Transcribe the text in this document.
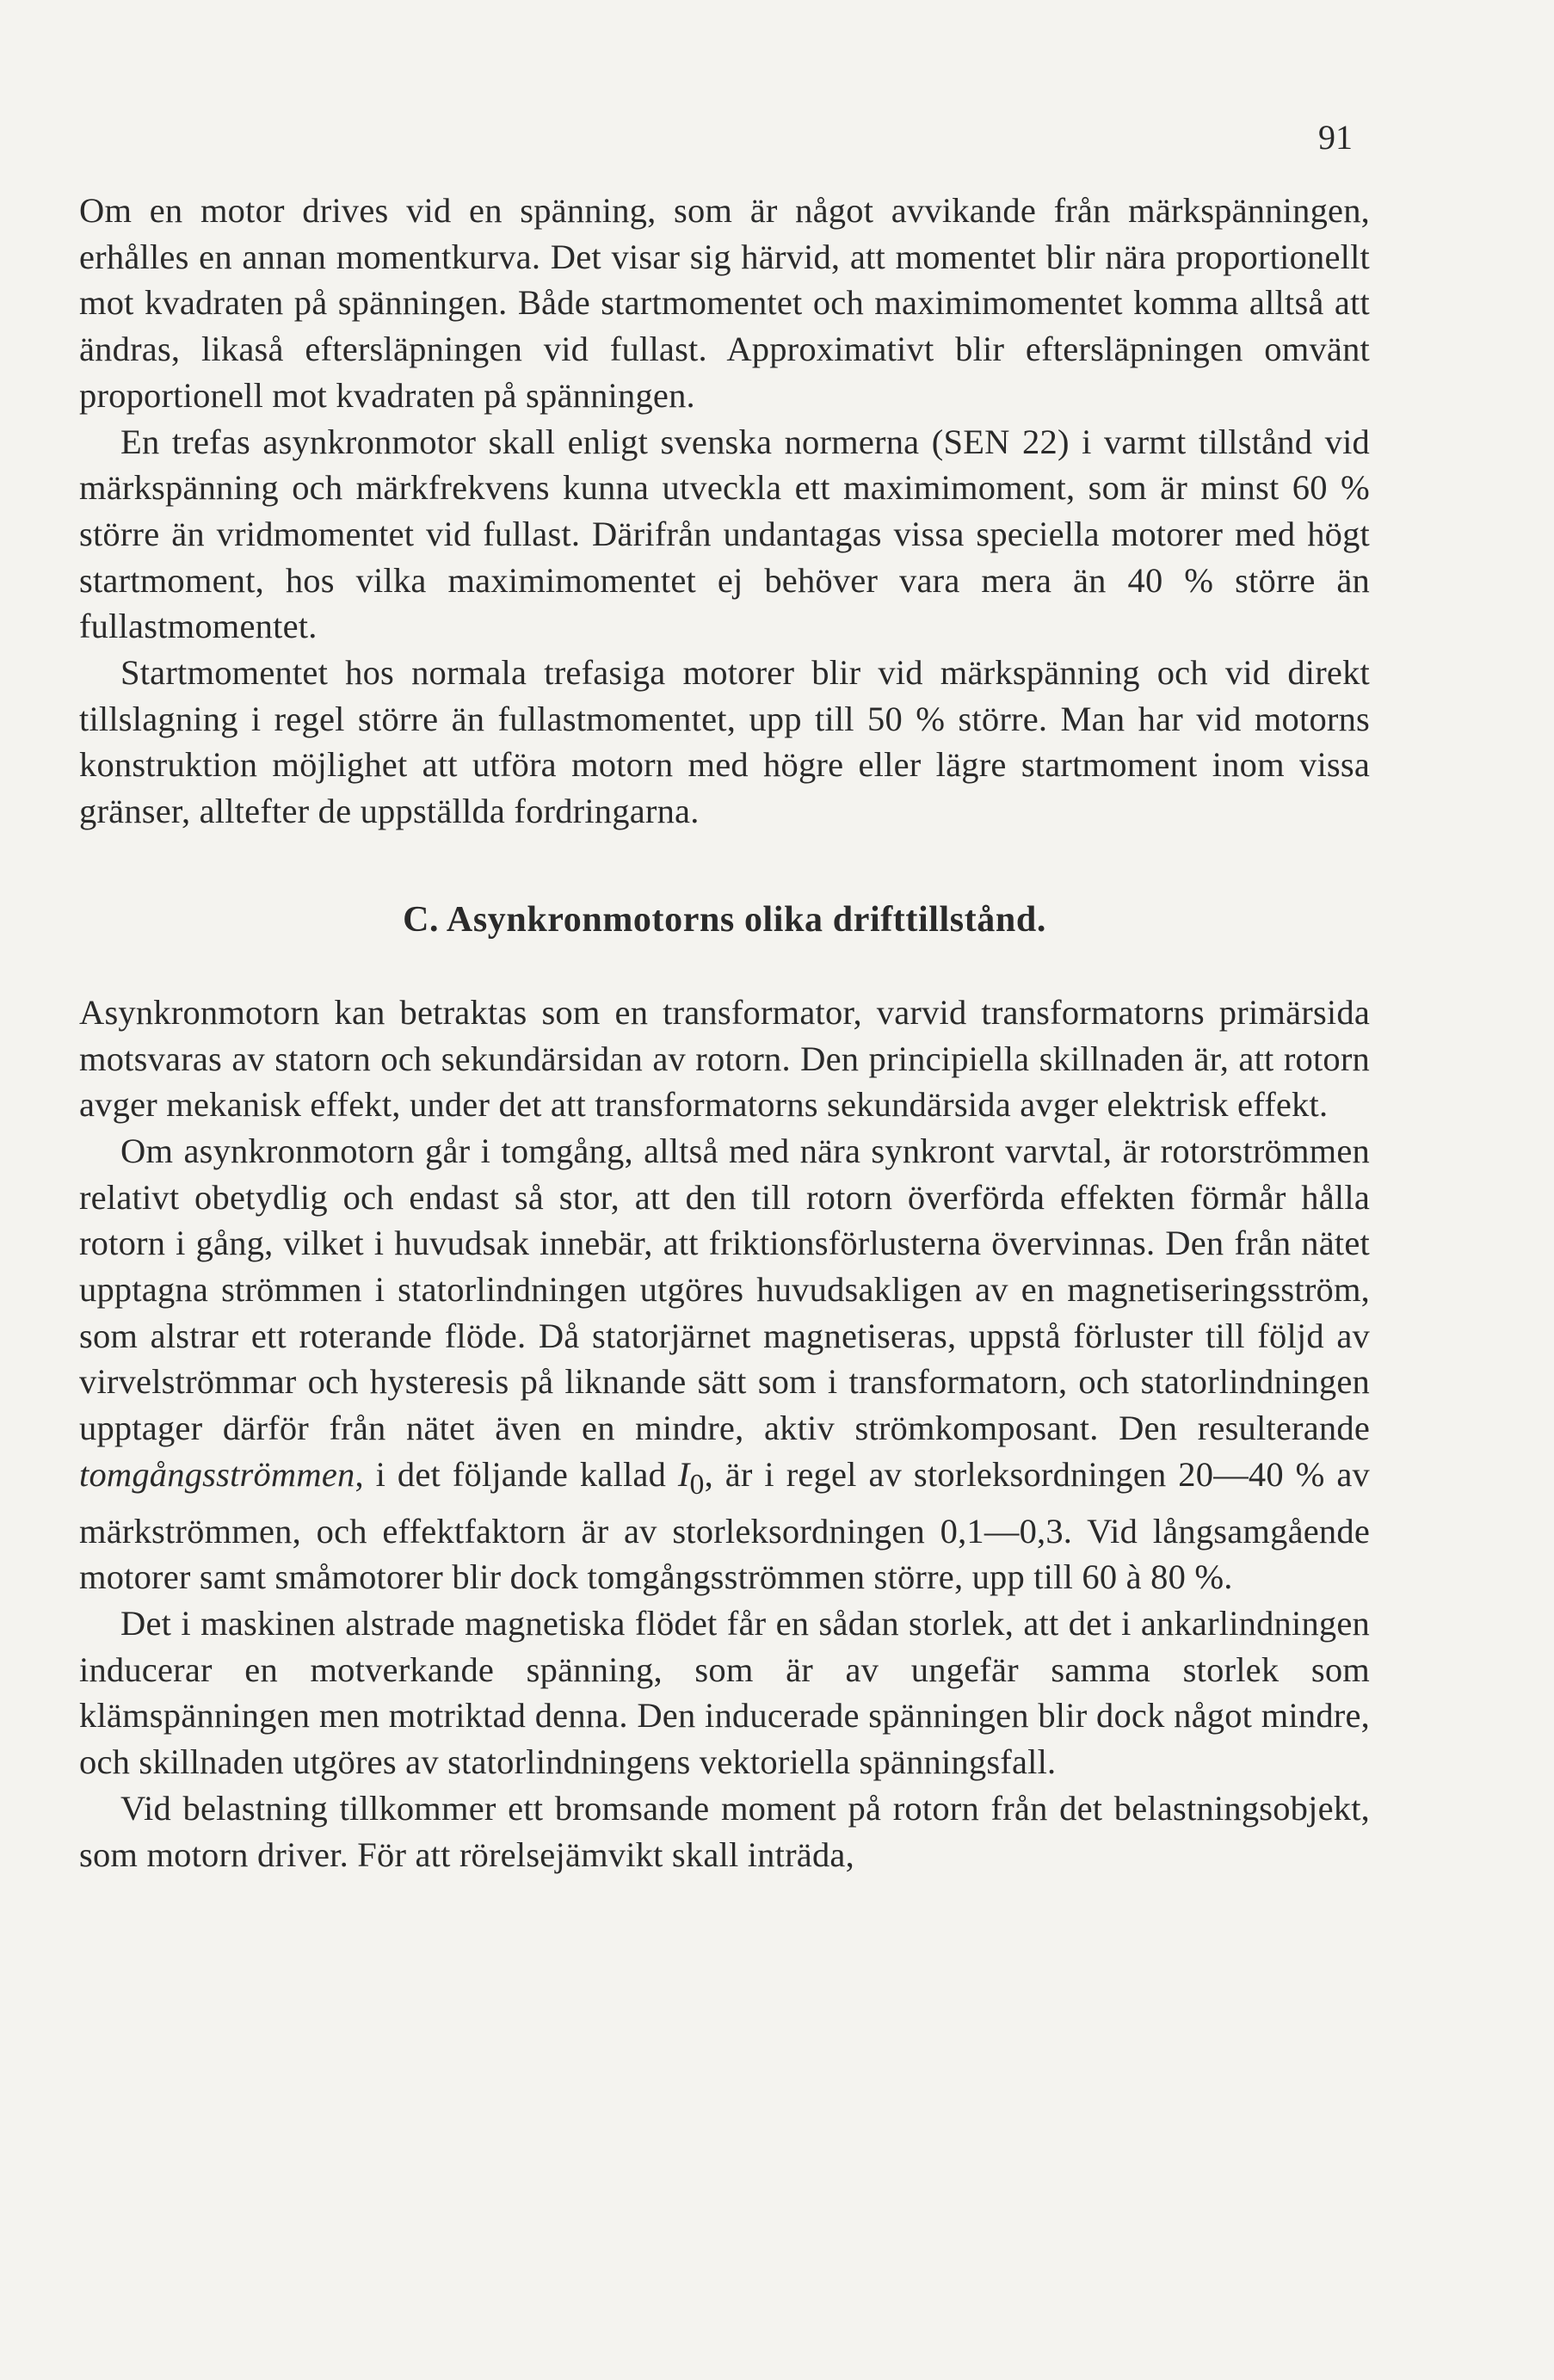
91

Om en motor drives vid en spänning, som är något avvikande från märkspänningen, erhålles en annan momentkurva. Det visar sig härvid, att momentet blir nära proportionellt mot kvadraten på spänningen. Både startmomentet och maximimomentet komma alltså att ändras, likaså eftersläpningen vid fullast. Approximativt blir eftersläpningen omvänt proportionell mot kvadraten på spänningen.

En trefas asynkronmotor skall enligt svenska normerna (SEN 22) i varmt tillstånd vid märkspänning och märkfrekvens kunna utveckla ett maximimoment, som är minst 60 % större än vridmomentet vid fullast. Därifrån undantagas vissa speciella motorer med högt startmoment, hos vilka maximimomentet ej behöver vara mera än 40 % större än fullastmomentet.

Startmomentet hos normala trefasiga motorer blir vid märkspänning och vid direkt tillslagning i regel större än fullastmomentet, upp till 50 % större. Man har vid motorns konstruktion möjlighet att utföra motorn med högre eller lägre startmoment inom vissa gränser, alltefter de uppställda fordringarna.

C. Asynkronmotorns olika drifttillstånd.

Asynkronmotorn kan betraktas som en transformator, varvid transformatorns primärsida motsvaras av statorn och sekundärsidan av rotorn. Den principiella skillnaden är, att rotorn avger mekanisk effekt, under det att transformatorns sekundärsida avger elektrisk effekt.

Om asynkronmotorn går i tomgång, alltså med nära synkront varvtal, är rotorströmmen relativt obetydlig och endast så stor, att den till rotorn överförda effekten förmår hålla rotorn i gång, vilket i huvudsak innebär, att friktionsförlusterna övervinnas. Den från nätet upptagna strömmen i statorlindningen utgöres huvudsakligen av en magnetiseringsström, som alstrar ett roterande flöde. Då statorjärnet magnetiseras, uppstå förluster till följd av virvelströmmar och hysteresis på liknande sätt som i transformatorn, och statorlindningen upptager därför från nätet även en mindre, aktiv strömkomposant. Den resulterande tomgångsströmmen, i det följande kallad $I_0$, är i regel av storleksordningen 20—40 % av märkströmmen, och effektfaktorn är av storleksordningen 0,1—0,3. Vid långsamgående motorer samt småmotorer blir dock tomgångsströmmen större, upp till 60 à 80 %.

Det i maskinen alstrade magnetiska flödet får en sådan storlek, att det i ankarlindningen inducerar en motverkande spänning, som är av ungefär samma storlek som klämspänningen men motriktad denna. Den inducerade spänningen blir dock något mindre, och skillnaden utgöres av statorlindningens vektoriella spänningsfall.

Vid belastning tillkommer ett bromsande moment på rotorn från det belastningsobjekt, som motorn driver. För att rörelsejämvikt skall inträda,
